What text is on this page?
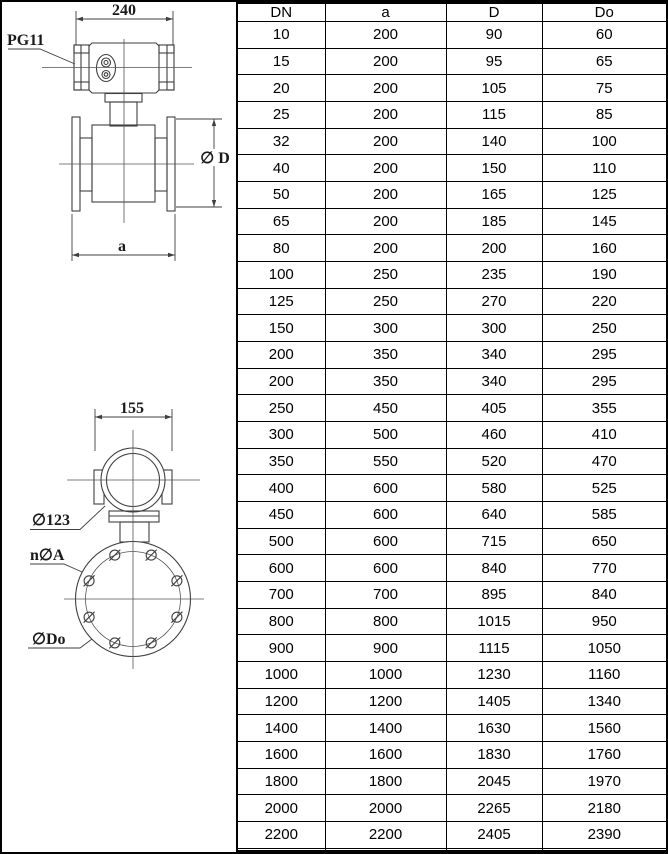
240
PG11
∅ D
a
155
∅123
n∅A
∅Do
DN	a	D	Do
10	200	90	60
15	200	95	65
20	200	105	75
25	200	115	85
32	200	140	100
40	200	150	110
50	200	165	125
65	200	185	145
80	200	200	160
100	250	235	190
125	250	270	220
150	300	300	250
200	350	340	295
200	350	340	295
250	450	405	355
300	500	460	410
350	550	520	470
400	600	580	525
450	600	640	585
500	600	715	650
600	600	840	770
700	700	895	840
800	800	1015	950
900	900	1115	1050
1000	1000	1230	1160
1200	1200	1405	1340
1400	1400	1630	1560
1600	1600	1830	1760
1800	1800	2045	1970
2000	2000	2265	2180
2200	2200	2405	2390
